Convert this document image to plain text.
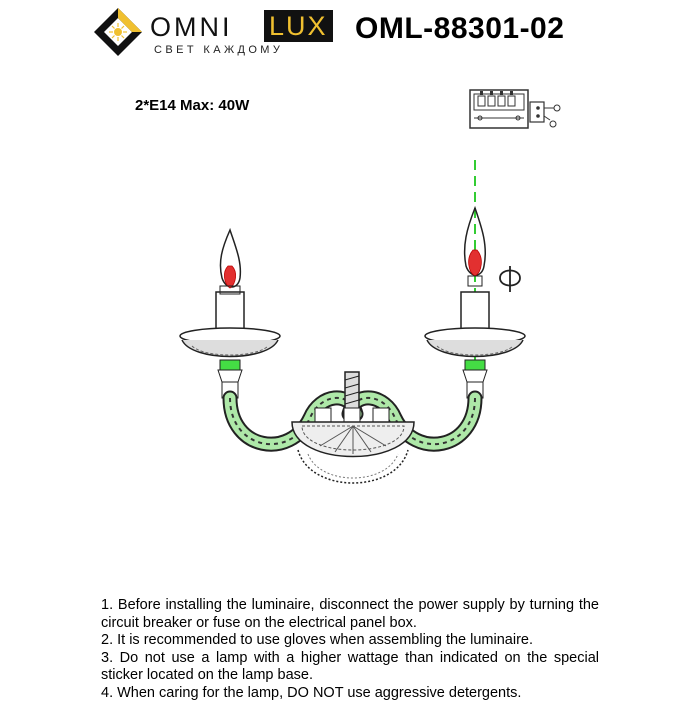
OMNI LUX
СВЕТ КАЖДОМУ
OML-88301-02
2*E14 Max: 40W

1. Before installing the luminaire, disconnect the power supply by turning the circuit breaker or fuse on the electrical panel box.

2. It is recommended to use gloves when assembling the luminaire.

3. Do not use a lamp with a higher wattage than indicated on the special sticker located on the lamp base.

4. When caring for the lamp, DO NOT use aggressive detergents.
